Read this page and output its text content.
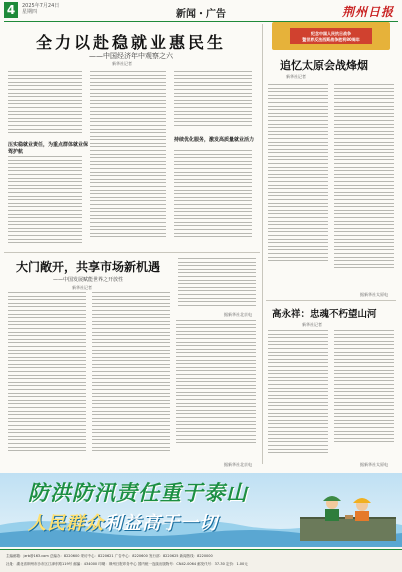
4	2025年7月24日
星期四	新闻・广告	荆州日报
全力以赴稳就业惠民生
——中国经济年中观察之六
新华社记者
压实稳就业责任，为重点群体就业保驾护航
持续优化服务，激发高质量就业活力
纪念中国人民抗日战争
暨世界反法西斯战争胜利80周年
追忆太原会战烽烟
新华社记者
据新华社太原电
高永祥：忠魂不朽望山河
新华社记者
据新华社太原电
据新华社北京电
大门敞开，共享市场新机遇
——中国发展赋能世界之开放性
新华社记者
据新华社北京电
防洪防汛责任重于泰山
人民群众利益高于一切
主编邮箱：jzrb@163.com 总编办：8220600 采访中心：8220621 广告中心：8220600 发行部：8220625 新闻热线：8220000
社址：湖北省荆州市沙市区江津东路119号 邮编：434000 印刷：荆州日报印务中心 国内统一连续出版物号：CN42-0064 邮发代号：37-30 定价：1.00元
